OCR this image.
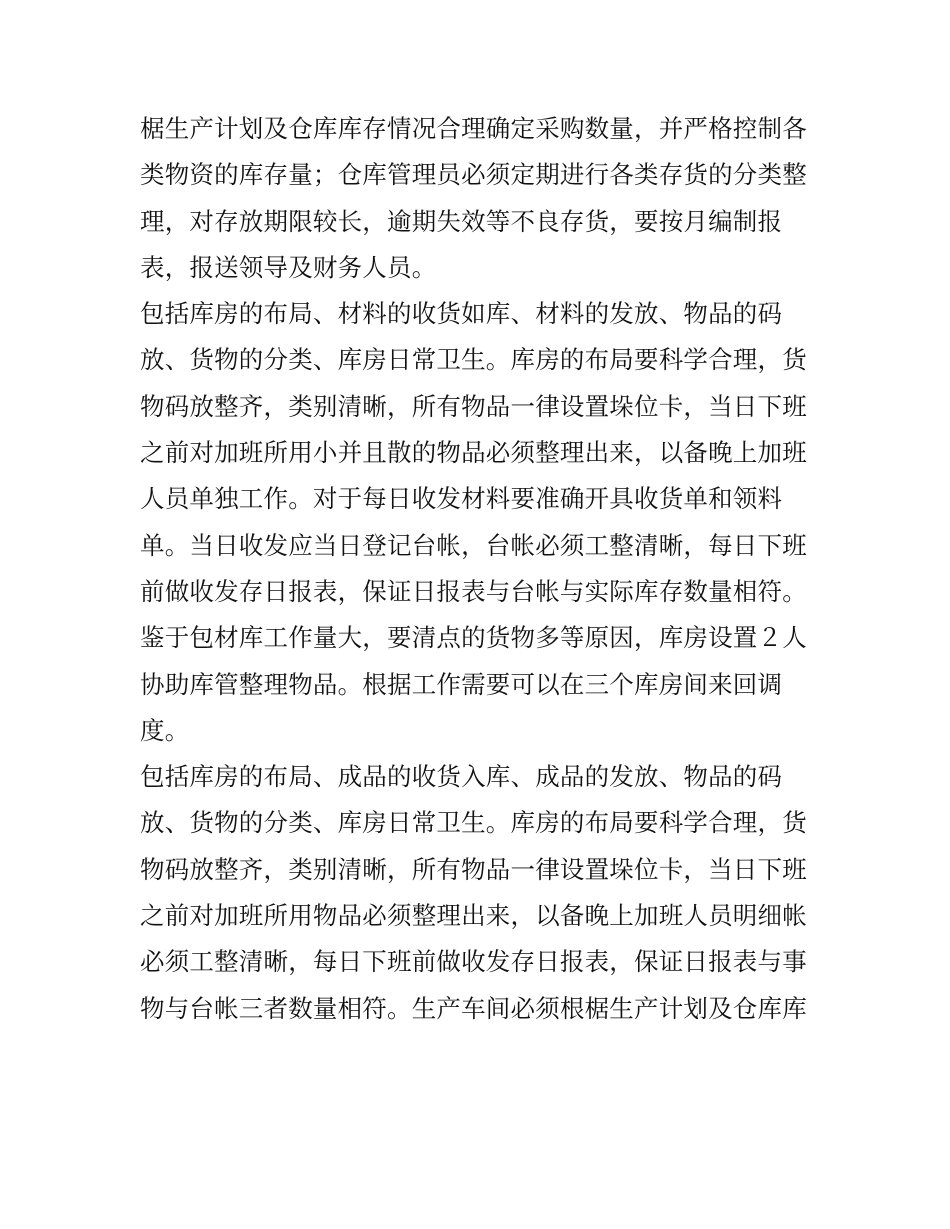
椐生产计划及仓库库存情况合理确定采购数量，并严格控制各
类物资的库存量；仓库管理员必须定期进行各类存货的分类整
理，对存放期限较长，逾期失效等不良存货，要按月编制报
表，报送领导及财务人员。
包括库房的布局、材料的收货如库、材料的发放、物品的码
放、货物的分类、库房日常卫生。库房的布局要科学合理，货
物码放整齐，类别清晰，所有物品一律设置垛位卡，当日下班
之前对加班所用小并且散的物品必须整理出来，以备晚上加班
人员单独工作。对于每日收发材料要准确开具收货单和领料
单。当日收发应当日登记台帐，台帐必须工整清晰，每日下班
前做收发存日报表，保证日报表与台帐与实际库存数量相符。
鉴于包材库工作量大，要清点的货物多等原因，库房设置２人
协助库管整理物品。根据工作需要可以在三个库房间来回调
度。
包括库房的布局、成品的收货入库、成品的发放、物品的码
放、货物的分类、库房日常卫生。库房的布局要科学合理，货
物码放整齐，类别清晰，所有物品一律设置垛位卡，当日下班
之前对加班所用物品必须整理出来，以备晚上加班人员明细帐
必须工整清晰，每日下班前做收发存日报表，保证日报表与事
物与台帐三者数量相符。生产车间必须根椐生产计划及仓库库
